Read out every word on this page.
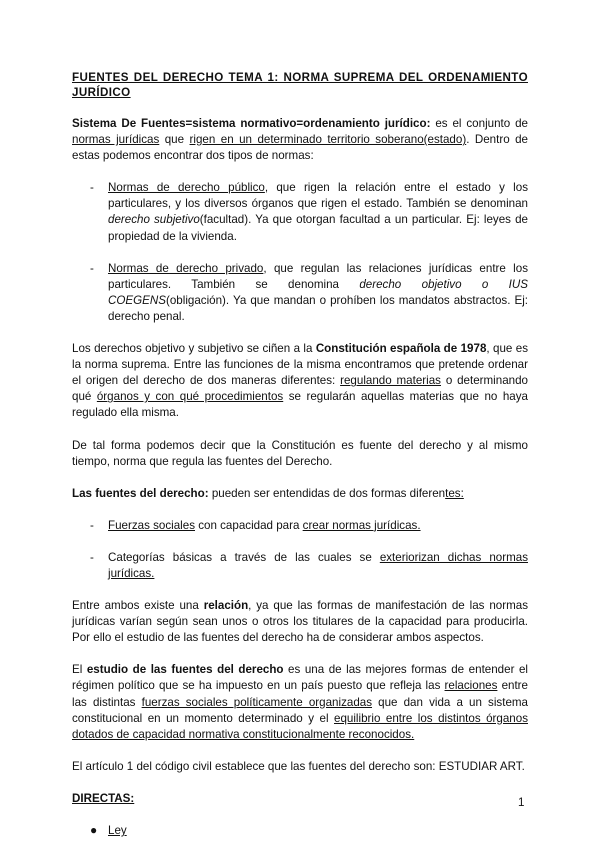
FUENTES DEL DERECHO TEMA 1: NORMA SUPREMA DEL ORDENAMIENTO JURÍDICO

Sistema De Fuentes=sistema normativo=ordenamiento jurídico: es el conjunto de normas jurídicas que rigen en un determinado territorio soberano(estado). Dentro de estas podemos encontrar dos tipos de normas:

- Normas de derecho público, que rigen la relación entre el estado y los particulares, y los diversos órganos que rigen el estado. También se denominan derecho subjetivo(facultad). Ya que otorgan facultad a un particular. Ej: leyes de propiedad de la vivienda.

- Normas de derecho privado, que regulan las relaciones jurídicas entre los particulares. También se denomina derecho objetivo o IUS COEGENS(obligación). Ya que mandan o prohíben los mandatos abstractos. Ej: derecho penal.

Los derechos objetivo y subjetivo se ciñen a la Constitución española de 1978, que es la norma suprema. Entre las funciones de la misma encontramos que pretende ordenar el origen del derecho de dos maneras diferentes: regulando materias o determinando qué órganos y con qué procedimientos se regularán aquellas materias que no haya regulado ella misma.

De tal forma podemos decir que la Constitución es fuente del derecho y al mismo tiempo, norma que regula las fuentes del Derecho.

Las fuentes del derecho: pueden ser entendidas de dos formas diferentes:

- Fuerzas sociales con capacidad para crear normas jurídicas.

- Categorías básicas a través de las cuales se exteriorizan dichas normas jurídicas.

Entre ambos existe una relación, ya que las formas de manifestación de las normas jurídicas varían según sean unos o otros los titulares de la capacidad para producirla. Por ello el estudio de las fuentes del derecho ha de considerar ambos aspectos.

El estudio de las fuentes del derecho es una de las mejores formas de entender el régimen político que se ha impuesto en un país puesto que refleja las relaciones entre las distintas fuerzas sociales políticamente organizadas que dan vida a un sistema constitucional en un momento determinado y el equilibrio entre los distintos órganos dotados de capacidad normativa constitucionalmente reconocidos.

El artículo 1 del código civil establece que las fuentes del derecho son: ESTUDIAR ART.

DIRECTAS:

● Ley

1
